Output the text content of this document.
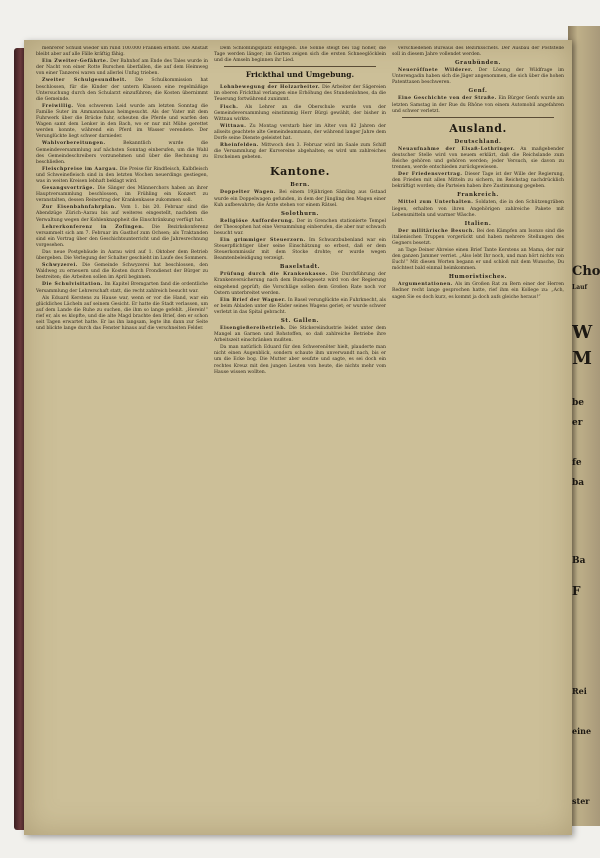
Cho
Lauf
W
M
be
er
fe
ba
Ba
F
Rei
eine
ster

mehrerer Schuld wieder um rund 100.000 Franken erhöht. Die Anstalt bleibt aber auf alle Fälle kräftig fähig.

Ein Zweiter-Gefährte. Der Bahnhof am Ende des Tales wurde in der Nacht von einer Rotte Burschen überfallen, die auf dem Heimweg von einer Tanzerei waren und allerlei Unfug trieben.

Zweiter Schulgesundheit. Die Schulkommission hat beschlossen, für die Kinder der untern Klassen eine regelmäßige Untersuchung durch den Schularzt einzuführen; die Kosten übernimmt die Gemeinde.

Freiwillig. Von schwerem Leid wurde am letzten Sonntag die Familie Suter im Ammannshaus heimgesucht. Als der Vater mit dem Fuhrwerk über die Brücke fuhr, scheuten die Pferde und warfen den Wagen samt dem Lenker in den Bach, wo er nur mit Mühe gerettet werden konnte, während ein Pferd im Wasser verendete. Der Verunglückte liegt schwer darnieder.

Wahlvorbereitungen.	Bekanntlich wurde die Gemeindeversammlung auf nächsten Sonntag einberufen, um die Wahl des Gemeindeschreibers vorzunehmen und über die Rechnung zu beschließen.

Fleischpreise im Aargau. Die Preise für Rindfleisch, Kalbfleisch und Schweinefleisch sind in den letzten Wochen neuerdings gestiegen, was in weiten Kreisen lebhaft beklagt wird.

Gesangsvorträge. Die Sänger des Männerchors haben an ihrer Hauptversammlung beschlossen, im Frühling ein Konzert zu veranstalten, dessen Reinertrag der Krankenkasse zukommen soll.

Zur Eisenbahnfahrplan. Vom 1. bis 20. Februar sind die Abendzüge Zürich–Aarau bis auf weiteres eingestellt, nachdem die Verwaltung wegen der Kohlenknappheit die Einschränkung verfügt hat.

Lehrerkonferenz in Zofingen. Die Bezirkskonferenz versammelt sich am 7. Februar im Gasthof zum Ochsen; als Traktanden sind ein Vortrag über den Geschichtsunterricht und die Jahresrechnung vorgesehen.

Das neue Postgebäude in Aarau wird auf 1. Oktober dem Betrieb übergeben. Die Verlegung der Schalter geschieht im Laufe des Sommers.

Schwyzerei. Die Gemeinde Schwyzerei hat beschlossen, den Waldweg zu erneuern und die Kosten durch Frondienst der Bürger zu bestreiten; die Arbeiten sollen im April beginnen.

Die Schulvisitation. Im Kapitel Bremgarten fand die ordentliche Versammlung der Lehrerschaft statt, die recht zahlreich besucht war.

Als Eduard Kerstens zu Hause war, wenn er vor die Hand, war ein glückliches Lächeln auf seinem Gesicht. Er hatte die Stadt verlassen, um auf dem Lande die Ruhe zu suchen, die ihm so lange gefehlt. „Herein!“ rief er, als es klopfte, und die alte Magd brachte den Brief, den er schon seit Tagen erwartet hatte. Er las ihn langsam, legte ihn dann zur Seite und blickte lange durch das Fenster hinaus auf die verschneiten Felder.

Dem Schlößlingsplatz entgegen. Die Sonne steigt bei Tag höher, die Tage werden länger; im Garten zeigen sich die ersten Schneeglöcklein und die Amseln beginnen ihr Lied.

Frickthal und Umgebung.

Lohnbewegung der Holzarbeiter. Die Arbeiter der Sägereien im oberen Frickthal verlangen eine Erhöhung des Stundenlohnes, da die Teuerung fortwährend zunimmt.

Fisch. Als Lehrer an die Oberschule wurde von der Gemeindeversammlung einstimmig Herr Bürgi gewählt, der bisher in Wittnau wirkte.

Wittnau. Zu Montag verstarb hier im Alter von 82 Jahren der allseits geachtete alte Gemeindeammann, der während langer Jahre dem Dorfe seine Dienste geleistet hat.

Rheinfelden. Mittwoch den 3. Februar wird im Saale zum Schiff die Versammlung der Kurvereine abgehalten; es wird um zahlreiches Erscheinen gebeten.

Kantone.
Bern.

Doppelter Wagen. Bei einem 19jährigen Sämling aus Gstaad wurde ein Doppelwagen gefunden, in dem der Jüngling den Magen einer Kuh aufbewahrte; die Ärzte stehen vor einem Rätsel.

Solothurn.

Religiöse Aufforderung. Der in Grenchen stationierte Tempel der Theosophen hat eine Versammlung einberufen, die aber nur schwach besucht war.

Ein grimmiger Steuerzorn. Im Schwarzbubenland war ein Steuerpflichtiger über seine Einschätzung so erbost, daß er dem Steuerkommissär mit dem Stocke drohte; er wurde wegen Beamtenbeleidigung verzeigt.

Baselstadt.

Prüfung durch die Krankenkasse. Die Durchführung der Krankenversicherung nach dem Bundesgesetz wird von der Regierung eingehend geprüft; die Vorschläge sollen dem Großen Rate noch vor Ostern unterbreitet werden.

Ein Brief der Wagner. In Basel verunglückte ein Fuhrknecht, als er beim Abladen unter die Räder seines Wagens geriet; er wurde schwer verletzt in das Spital gebracht.

St. Gallen.

Eisengießereibetrieb. Die Stickereiindustrie leidet unter dem Mangel an Garnen und Rohstoffen, so daß zahlreiche Betriebe ihre Arbeitszeit einschränken mußten.

Da man natürlich Eduard für den Schwerenöter hielt, plauderte man nicht einen Augenblick, sondern schaute ihm unverwandt nach, bis er um die Ecke bog. Die Mutter aber seufzte und sagte, es sei doch ein rechtes Kreuz mit den jungen Leuten von heute, die nichts mehr vom Hause wissen wollten.

verschiedenen Bureaus des Bezirksschefs. Der Ausbau der Poststelle soll in diesem Jahre vollendet werden.

Graubünden.

Neueröffnete Wilderer. Der Lösung der Wildfrage im Unterengadin haben sich die Jäger angenommen, die sich über die hohen Patenttaxen beschweren.

Genf.

Eine Geschichte von der Straße. Ein Bürger Genfs wurde am letzten Samstag in der Rue du Rhône von einem Automobil angefahren und schwer verletzt.

Ausland.
Deutschland.

Neuaufnahme der Elsaß-Lothringer. An maßgebender deutscher Stelle wird von neuem erklärt, daß die Reichslande zum Reiche gehören und gehören werden; jeder Versuch, sie davon zu trennen, werde entschieden zurückgewiesen.

Der Friedensvertrag. Dieser Tage ist der Wille der Regierung, den Frieden mit allen Mitteln zu sichern, im Reichstag nachdrücklich bekräftigt worden; die Parteien haben ihre Zustimmung gegeben.

Frankreich.

Mittel zum Unterhalten. Soldaten, die in den Schützengräben liegen, erhalten von ihren Angehörigen zahlreiche Pakete mit Lebensmitteln und warmer Wäsche.

Italien.

Der militärische Besuch. Bei den Kämpfen am Isonzo sind die italienischen Truppen vorgerückt und haben mehrere Stellungen des Gegners besetzt.

an Tage Deiner Abreise einen Brief Tante Kerstens an Mama, der mir den ganzen Jammer verriet. „Also lebt Ihr noch, und man hört nichts von Euch!“ Mit diesen Worten begann er und schloß mit dem Wunsche, Du möchtest bald einmal heimkommen.

Humoristisches.

Argumentationen. Als im Großen Rat zu Bern einer der Herren Redner recht lange gesprochen hatte, rief ihm ein Kollege zu: „Ach, sagen Sie es doch kurz, es kommt ja doch aufs gleiche heraus!“
